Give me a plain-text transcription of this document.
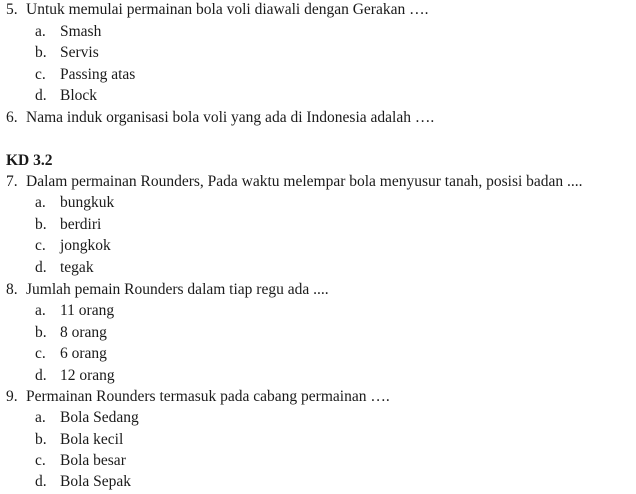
5. Untuk memulai permainan bola voli diawali dengan Gerakan ….
a. Smash
b. Servis
c. Passing atas
d. Block
6. Nama induk organisasi bola voli yang ada di Indonesia adalah ….
KD 3.2
7. Dalam permainan Rounders, Pada waktu melempar bola menyusur tanah, posisi badan ....
a. bungkuk
b. berdiri
c. jongkok
d. tegak
8. Jumlah pemain Rounders dalam tiap regu ada ....
a. 11 orang
b. 8 orang
c. 6 orang
d. 12 orang
9. Permainan Rounders termasuk pada cabang permainan ….
a. Bola Sedang
b. Bola kecil
c. Bola besar
d. Bola Sepak
